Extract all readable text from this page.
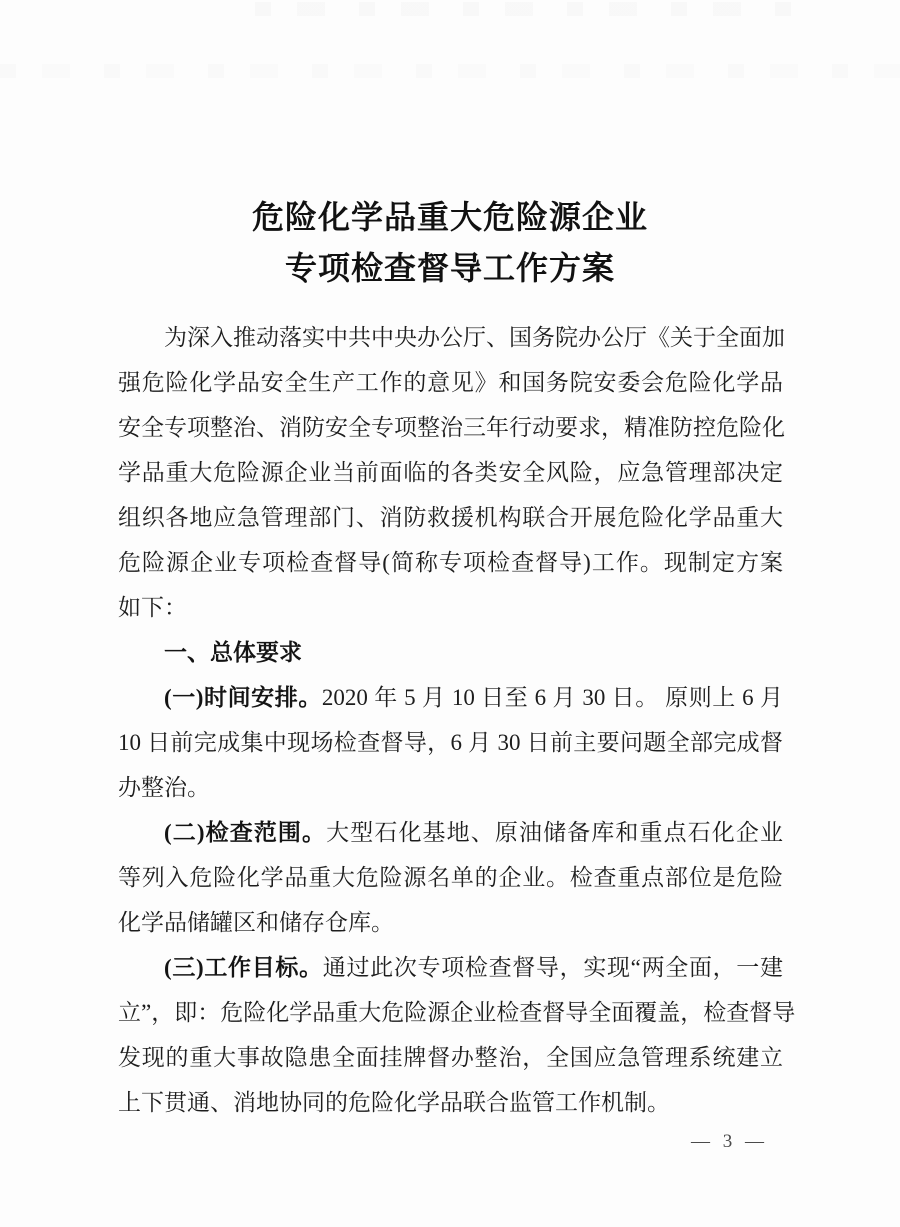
危险化学品重大危险源企业
专项检查督导工作方案
为深入推动落实中共中央办公厅、国务院办公厅《关于全面加
强危险化学品安全生产工作的意见》和国务院安委会危险化学品
安全专项整治、消防安全专项整治三年行动要求，精准防控危险化
学品重大危险源企业当前面临的各类安全风险，应急管理部决定
组织各地应急管理部门、消防救援机构联合开展危险化学品重大
危险源企业专项检查督导(简称专项检查督导)工作。现制定方案
如下：
一、总体要求
(一)时间安排。2020 年 5 月 10 日至 6 月 30 日。 原则上 6 月
10 日前完成集中现场检查督导，6 月 30 日前主要问题全部完成督
办整治。
(二)检查范围。大型石化基地、原油储备库和重点石化企业
等列入危险化学品重大危险源名单的企业。检查重点部位是危险
化学品储罐区和储存仓库。
(三)工作目标。通过此次专项检查督导，实现“两全面，一建
立”，即：危险化学品重大危险源企业检查督导全面覆盖，检查督导
发现的重大事故隐患全面挂牌督办整治，全国应急管理系统建立
上下贯通、消地协同的危险化学品联合监管工作机制。
— 3 —
